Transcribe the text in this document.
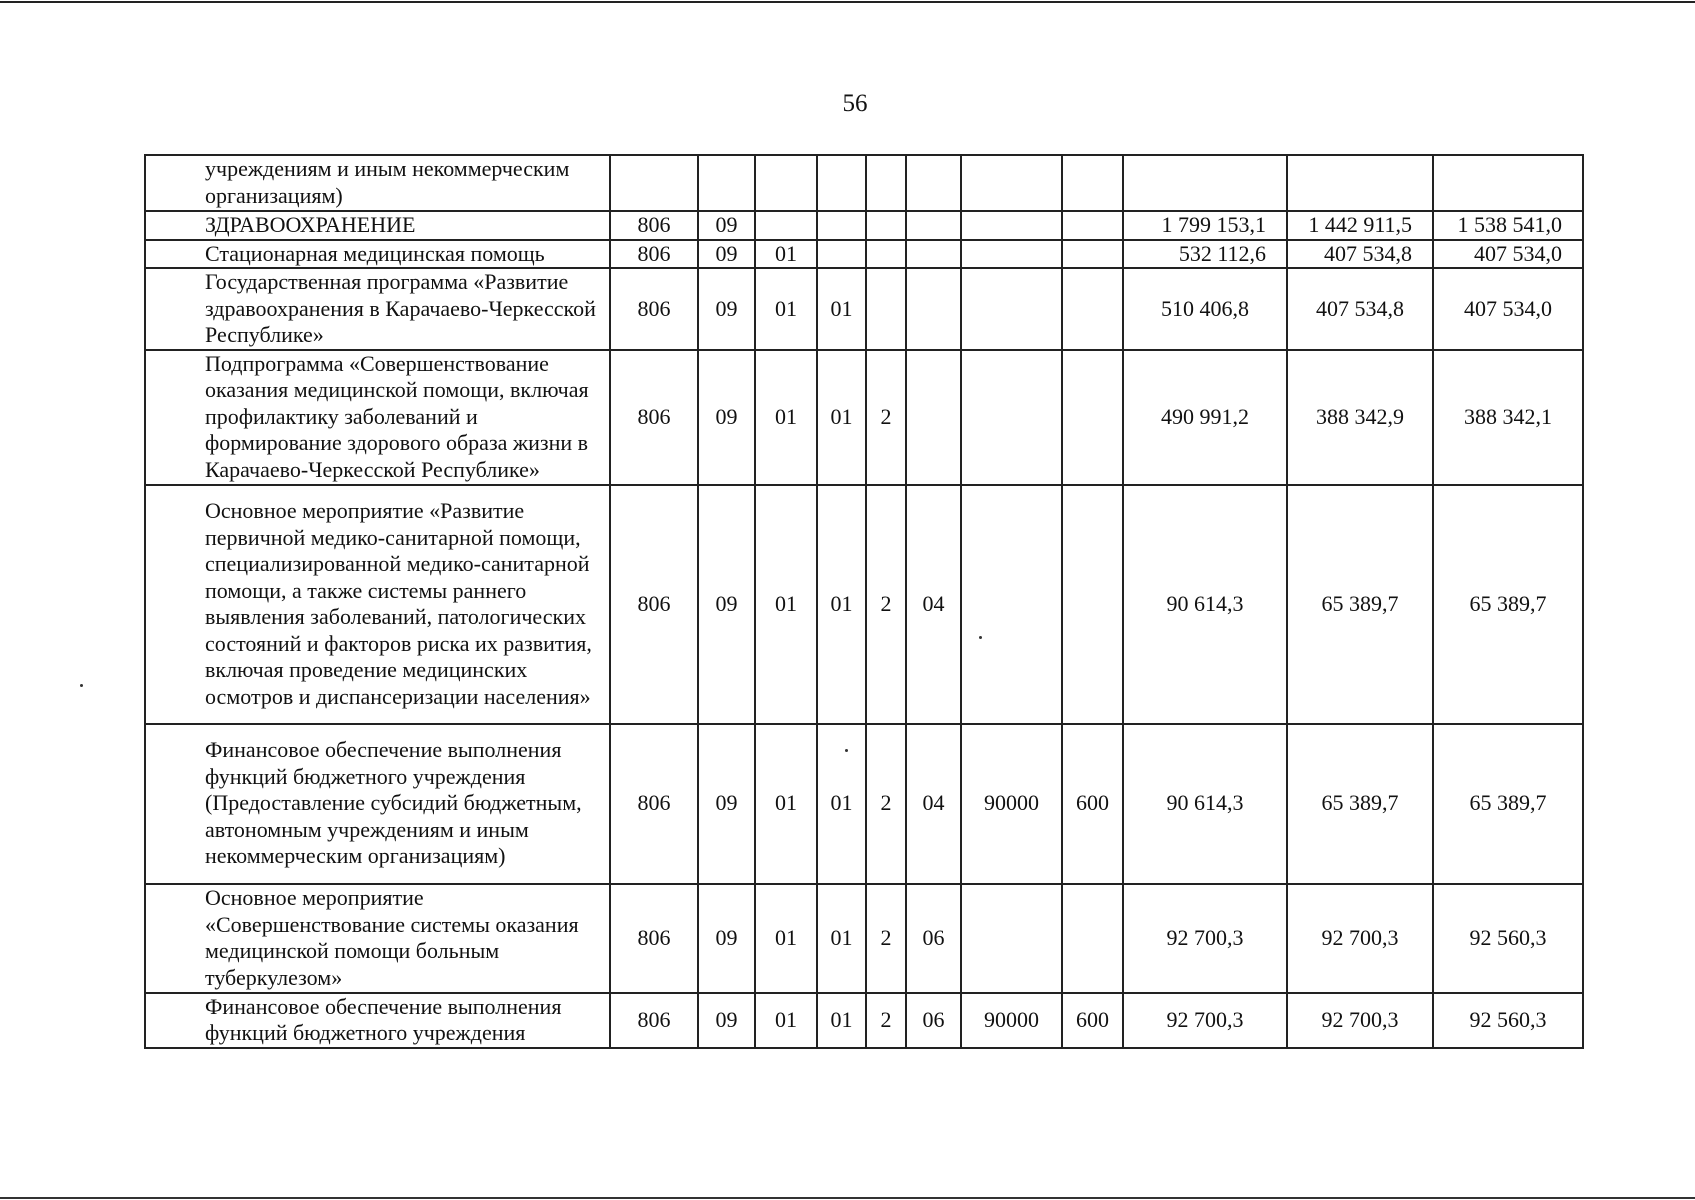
56
	учреждениям и иным некоммерческим организациям)											
	ЗДРАВООХРАНЕНИЕ	806	09							1 799 153,1	1 442 911,5	1 538 541,0
	Стационарная медицинская помощь	806	09	01						532 112,6	407 534,8	407 534,0
	Государственная программа «Развитие здравоохранения в Карачаево-Черкесской Республике»	806	09	01	01					510 406,8	407 534,8	407 534,0
	Подпрограмма «Совершенствование оказания медицинской помощи, включая профилактику заболеваний и формирование здорового образа жизни в Карачаево-Черкесской Республике»	806	09	01	01	2				490 991,2	388 342,9	388 342,1
	Основное мероприятие «Развитие первичной медико-санитарной помощи, специализированной медико-санитарной помощи, а также системы раннего выявления заболеваний, патологических состояний и факторов риска их развития, включая проведение медицинских осмотров и диспансеризации населения»	806	09	01	01	2	04			90 614,3	65 389,7	65 389,7
	Финансовое обеспечение выполнения функций бюджетного учреждения (Предоставление субсидий бюджетным, автономным учреждениям и иным некоммерческим организациям)	806	09	01	01	2	04	90000	600	90 614,3	65 389,7	65 389,7
	Основное мероприятие «Совершенствование системы оказания медицинской помощи больным туберкулезом»	806	09	01	01	2	06			92 700,3	92 700,3	92 560,3
	Финансовое обеспечение выполнения функций бюджетного учреждения	806	09	01	01	2	06	90000	600	92 700,3	92 700,3	92 560,3
